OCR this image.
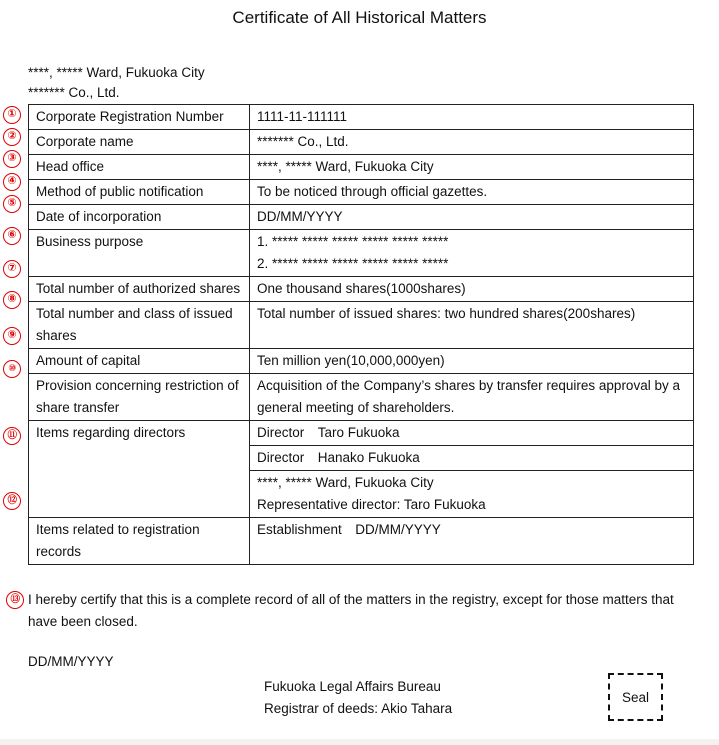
Certificate of All Historical Matters
****, ***** Ward, Fukuoka City
******* Co., Ltd.
①
②
③
④
⑤
⑥
⑦
⑧
⑨
⑩
⑪
⑫
Corporate Registration Number	1111-11-111111
Corporate name	******* Co., Ltd.
Head office	****, ***** Ward, Fukuoka City
Method of public notification	To be noticed through official gazettes.
Date of incorporation	DD/MM/YYYY
Business purpose	1. ***** ***** ***** ***** ***** *****
2. ***** ***** ***** ***** ***** *****

Total number of authorized shares	One thousand shares(1000shares)
Total number and class of issued shares	Total number of issued shares: two hundred shares(200shares)
Amount of capital	Ten million yen(10,000,000yen)
Provision concerning restriction of share transfer	Acquisition of the Company’s shares by transfer requires approval by a general meeting of shareholders.
Items regarding directors	Director　Taro Fukuoka
	Director　Hanako Fukuoka

	****, ***** Ward, Fukuoka City
Representative director: Taro Fukuoka

Items related to registration records	Establishment　DD/MM/YYYY
⑬ I hereby certify that this is a complete record of all of the matters in the registry, except for those matters that have been closed.
DD/MM/YYYY
Fukuoka Legal Affairs Bureau
Registrar of deeds: Akio Tahara
Seal
